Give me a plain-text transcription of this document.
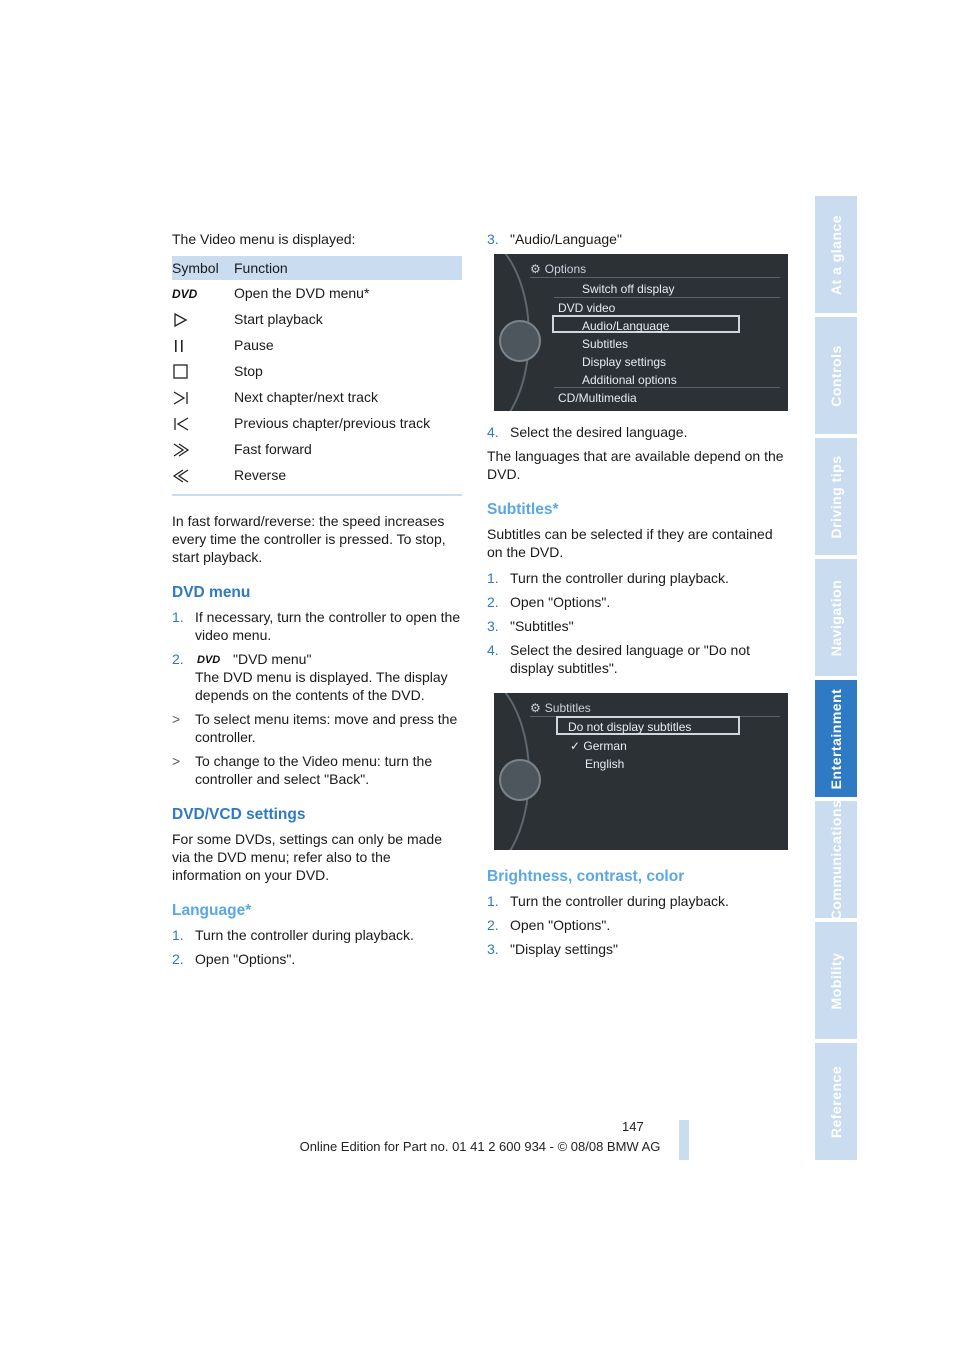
The Video menu is displayed:

Symbol	Function

DVD	Open the DVD menu*
	Start playback
	Pause
	Stop
	Next chapter/next track
	Previous chapter/previous track
	Fast forward
	Reverse

In fast forward/reverse: the speed increases every time the controller is pressed. To stop, start playback.

DVD menu
1. If necessary, turn the controller to open the video menu.
2. DVD "DVD menu"
The DVD menu is displayed. The display depends on the contents of the DVD.
> To select menu items: move and press the controller.
> To change to the Video menu: turn the controller and select "Back".
DVD/VCD settings

For some DVDs, settings can only be made via the DVD menu; refer also to the information on your DVD.

Language*
1. Turn the controller during playback.
2. Open "Options".
3. "Audio/Language"
⚙ Options
Switch off display
DVD video
Audio/Language
Subtitles
Display settings
Additional options
CD/Multimedia
4. Select the desired language.

The languages that are available depend on the DVD.

Subtitles*

Subtitles can be selected if they are contained on the DVD.

1. Turn the controller during playback.
2. Open "Options".
3. "Subtitles"
4. Select the desired language or "Do not display subtitles".
⚙ Subtitles
Do not display subtitles
✓ German
English
Brightness, contrast, color
1. Turn the controller during playback.
2. Open "Options".
3. "Display settings"
At a glance
Controls
Driving tips
Navigation
Entertainment
Communications
Mobility
Reference
147
Online Edition for Part no. 01 41 2 600 934 - © 08/08 BMW AG
